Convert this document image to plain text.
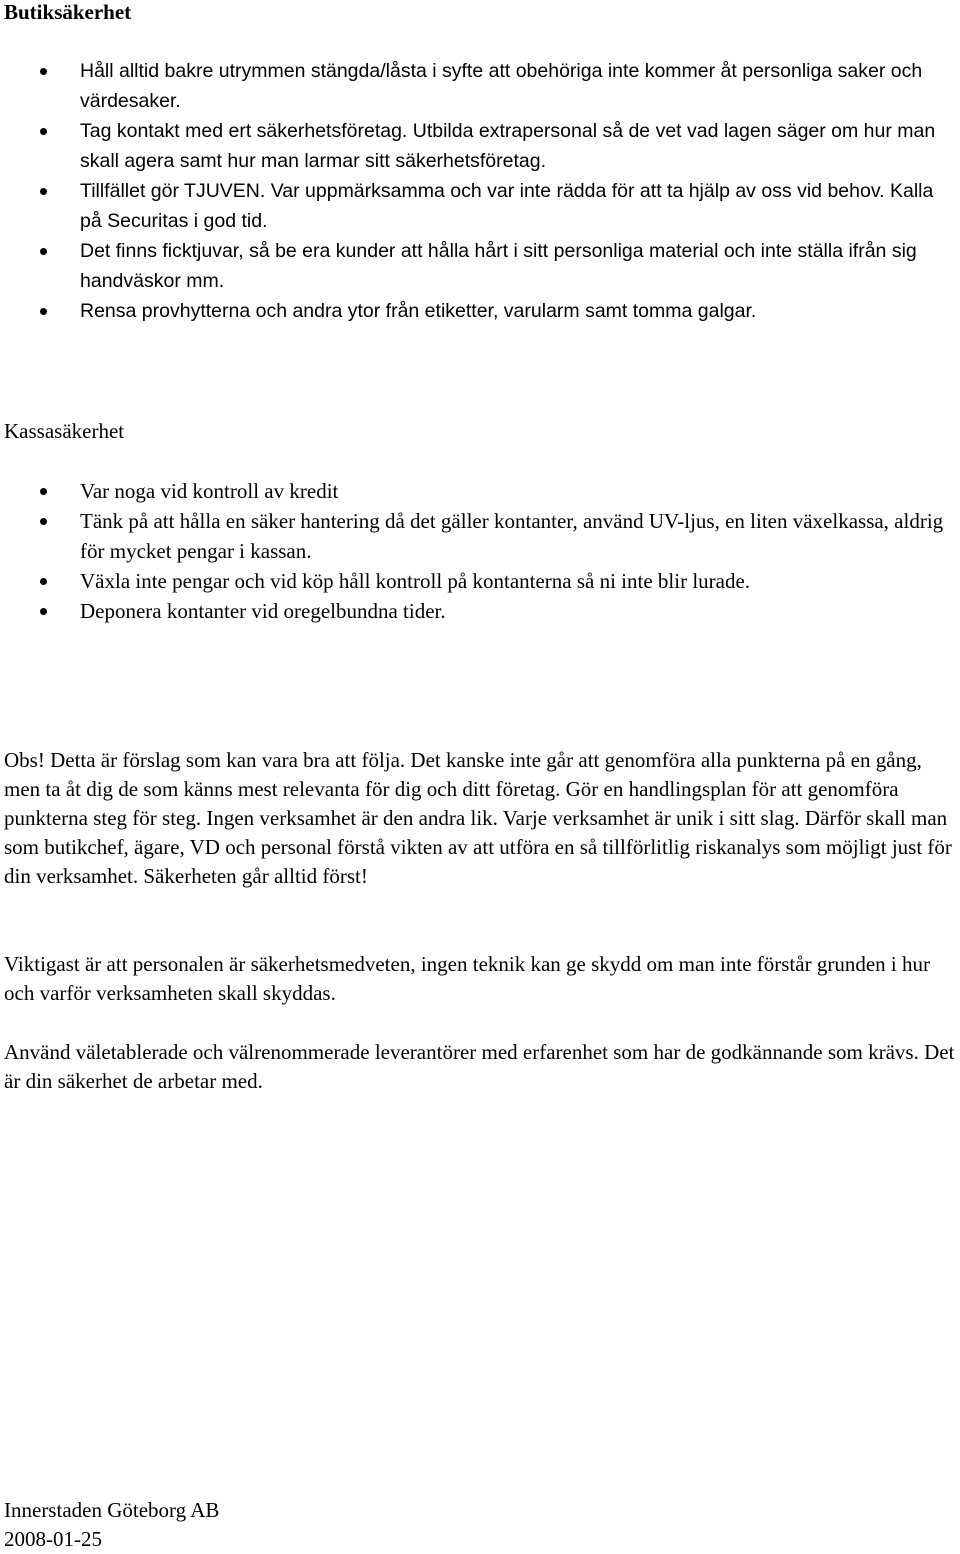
Butiksäkerhet
Håll alltid bakre utrymmen stängda/låsta i syfte att obehöriga inte kommer åt personliga saker och värdesaker.
Tag kontakt med ert säkerhetsföretag. Utbilda extrapersonal så de vet vad lagen säger om hur man skall agera samt hur man larmar sitt säkerhetsföretag.
Tillfället gör TJUVEN. Var uppmärksamma och var inte rädda för att ta hjälp av oss vid behov. Kalla på Securitas i god tid.
Det finns ficktjuvar, så be era kunder att hålla hårt i sitt personliga material och inte ställa ifrån sig handväskor mm.
Rensa provhytterna och andra ytor från etiketter, varularm samt tomma galgar.
Kassasäkerhet
Var noga vid kontroll av kredit
Tänk på att hålla en säker hantering då det gäller kontanter, använd UV-ljus, en liten växelkassa, aldrig för mycket pengar i kassan.
Växla inte pengar och vid köp håll kontroll på kontanterna så ni inte blir lurade.
Deponera kontanter vid oregelbundna tider.

Obs! Detta är förslag som kan vara bra att följa. Det kanske inte går att genomföra alla punkterna på en gång, men ta åt dig de som känns mest relevanta för dig och ditt företag. Gör en handlingsplan för att genomföra punkterna steg för steg. Ingen verksamhet är den andra lik. Varje verksamhet är unik i sitt slag. Därför skall man som butikchef, ägare, VD och personal förstå vikten av att utföra en så tillförlitlig riskanalys som möjligt just för din verksamhet. Säkerheten går alltid först!

Viktigast är att personalen är säkerhetsmedveten, ingen teknik kan ge skydd om man inte förstår grunden i hur och varför verksamheten skall skyddas.

Använd väletablerade och välrenommerade leverantörer med erfarenhet som har de godkännande som krävs. Det är din säkerhet de arbetar med.

Innerstaden Göteborg AB

2008-01-25
